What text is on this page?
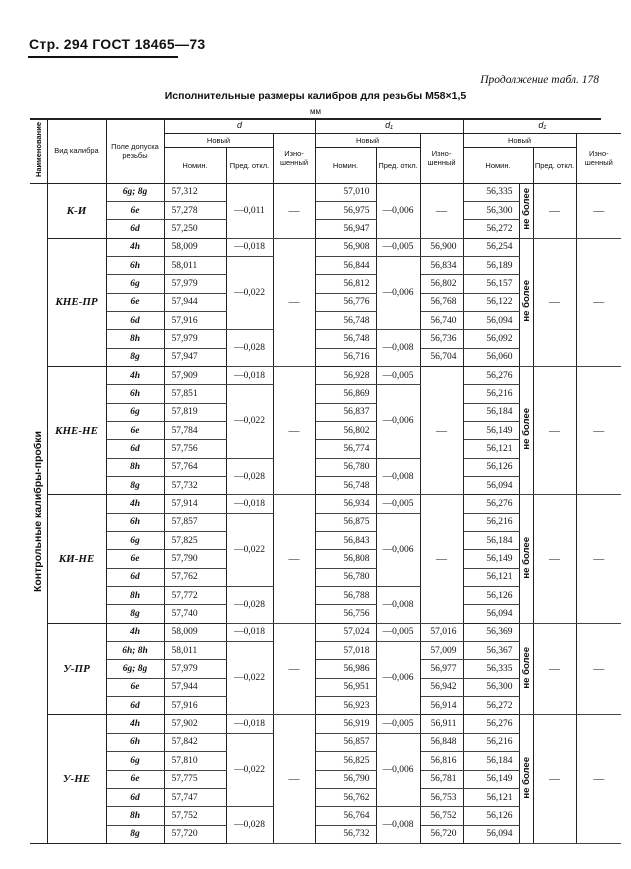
Стр. 294 ГОСТ 18465—73
Продолжение табл. 178
Исполнительные размеры калибров для резьбы М58×1,5
мм
Наименование	Вид калибра	Поле допуска резьбы	d			d₁			d₁			
			Новый		Изно-шенный	Новый		Изно-шенный	Новый			Изно-шенный
			Номин.	Пред. откл.		Номин.	Пред. откл.		Номин.		Пред. откл.	
Контрольные калибры-пробки	К-И	6g; 8g	57,312	—0,011	—	57,010	—0,006	—	56,335	не более	—	—
		6e	57,278			56,975			56,300			
		6d	57,250			56,947			56,272			
	КНЕ-ПР	4h	58,009	—0,018	—	56,908	—0,005	56,900	56,254	не более	—	—
		6h	58,011	—0,022		56,844	—0,006	56,834	56,189			
		6g	57,979			56,812		56,802	56,157			
		6e	57,944			56,776		56,768	56,122			
		6d	57,916			56,748		56,740	56,094			
		8h	57,979	—0,028		56,748	—0,008	56,736	56,092			
		8g	57,947			56,716		56,704	56,060			
	КНЕ-НЕ	4h	57,909	—0,018	—	56,928	—0,005	—	56,276	не более	—	—
		6h	57,851	—0,022		56,869	—0,006		56,216			
		6g	57,819			56,837			56,184			
		6e	57,784			56,802			56,149			
		6d	57,756			56,774			56,121			
		8h	57,764	—0,028		56,780	—0,008		56,126			
		8g	57,732			56,748			56,094			
	КИ-НЕ	4h	57,914	—0,018	—	56,934	—0,005	—	56,276	не более	—	—
		6h	57,857	—0,022		56,875	—0,006		56,216			
		6g	57,825			56,843			56,184			
		6e	57,790			56,808			56,149			
		6d	57,762			56,780			56,121			
		8h	57,772	—0,028		56,788	—0,008		56,126			
		8g	57,740			56,756			56,094			
	У-ПР	4h	58,009	—0,018	—	57,024	—0,005	57,016	56,369	не более	—	—
		6h; 8h	58,011	—0,022		57,018	—0,006	57,009	56,367			
		6g; 8g	57,979			56,986		56,977	56,335			
		6e	57,944			56,951		56,942	56,300			
		6d	57,916			56,923		56,914	56,272			
	У-НЕ	4h	57,902	—0,018	—	56,919	—0,005	56,911	56,276	не более	—	—
		6h	57,842	—0,022		56,857	—0,006	56,848	56,216			
		6g	57,810			56,825		56,816	56,184			
		6e	57,775			56,790		56,781	56,149			
		6d	57,747			56,762		56,753	56,121			
		8h	57,752	—0,028		56,764	—0,008	56,752	56,126			
		8g	57,720			56,732		56,720	56,094			
